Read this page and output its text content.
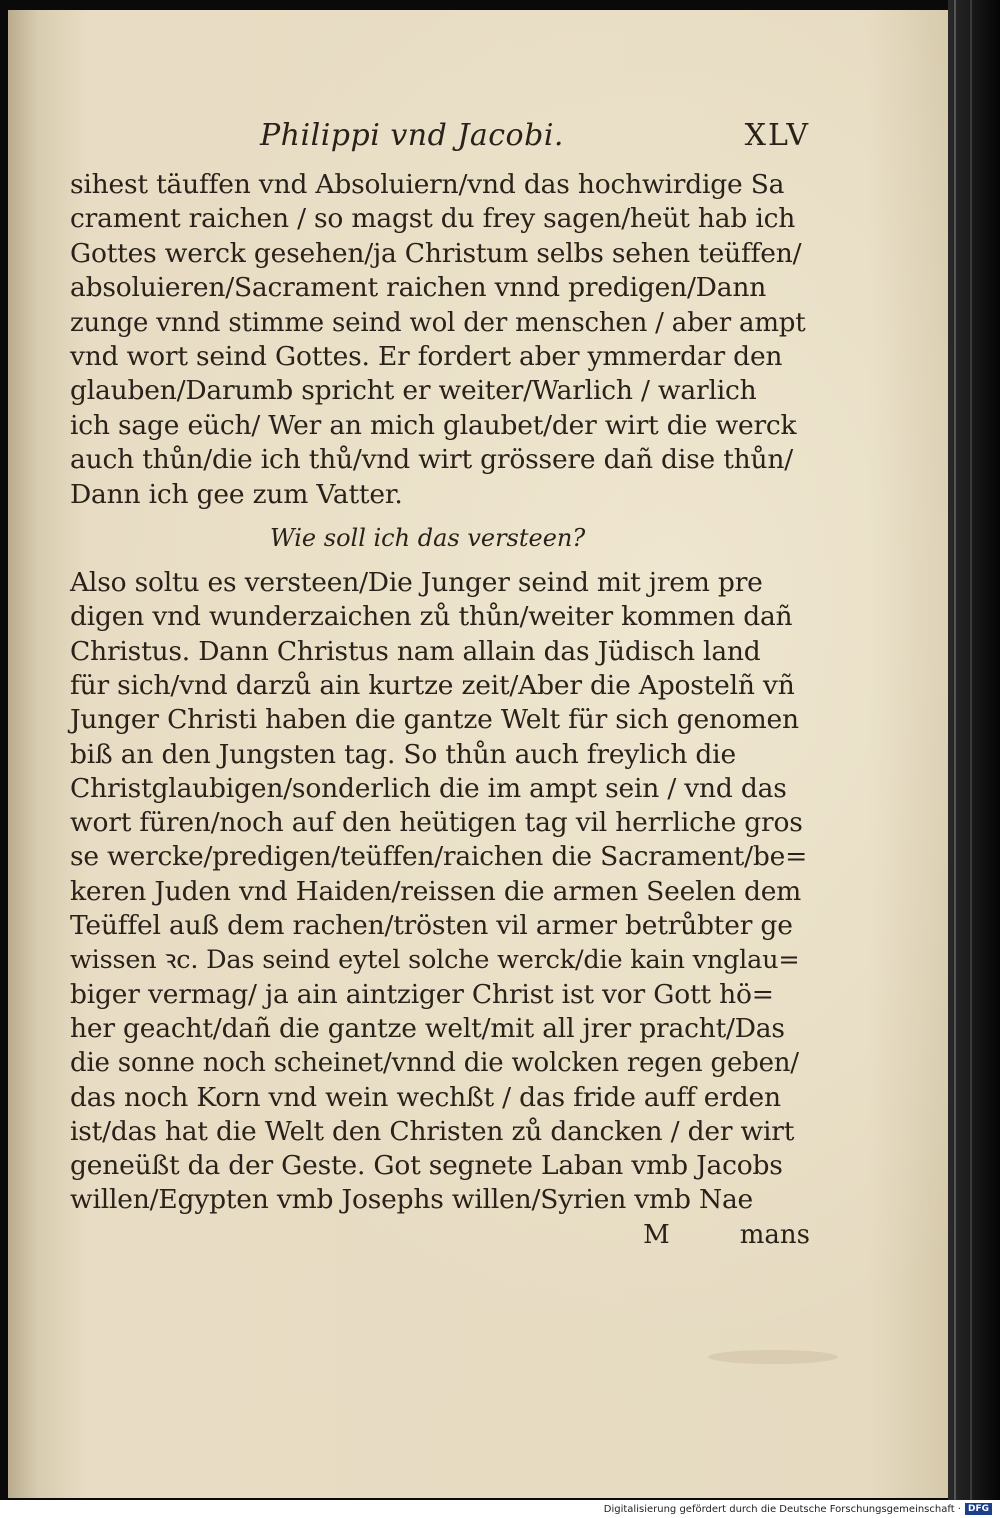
Philippi vnd Jacobi.	XLV
sihest täuffen vnd Absoluiern/vnd das hochwirdige Sa
crament raichen / so magst du frey sagen/heüt hab ich
Gottes werck gesehen/ja Christum selbs sehen teüffen/
absoluieren/Sacrament raichen vnnd predigen/Dann
zunge vnnd stimme seind wol der menschen / aber ampt
vnd wort seind Gottes. Er fordert aber ymmerdar den
glauben/Darumb spricht er weiter/Warlich / warlich
ich sage eüch/ Wer an mich glaubet/der wirt die werck
auch thůn/die ich thů/vnd wirt grössere dañ dise thůn/
Dann ich gee zum Vatter.
Wie soll ich das versteen?
Also soltu es versteen/Die Junger seind mit jrem pre
digen vnd wunderzaichen zů thůn/weiter kommen dañ
Christus. Dann Christus nam allain das Jüdisch land
für sich/vnd darzů ain kurtze zeit/Aber die Apostelñ vñ
Junger Christi haben die gantze Welt für sich genomen
biß an den Jungsten tag. So thůn auch freylich die
Christglaubigen/sonderlich die im ampt sein / vnd das
wort füren/noch auf den heütigen tag vil herrliche gros
se wercke/predigen/teüffen/raichen die Sacrament/be=
keren Juden vnd Haiden/reissen die armen Seelen dem
Teüffel auß dem rachen/trösten vil armer betrůbter ge
wissen ꝛc. Das seind eytel solche werck/die kain vnglau=
biger vermag/ ja ain aintziger Christ ist vor Gott hö=
her geacht/dañ die gantze welt/mit all jrer pracht/Das
die sonne noch scheinet/vnnd die wolcken regen geben/
das noch Korn vnd wein wechßt / das fride auff erden
ist/das hat die Welt den Christen zů dancken / der wirt
geneüßt da der Geste. Got segnete Laban vmb Jacobs
willen/Egypten vmb Josephs willen/Syrien vmb Nae
M	mans
Digitalisierung gefördert durch die Deutsche Forschungsgemeinschaft · DFG
